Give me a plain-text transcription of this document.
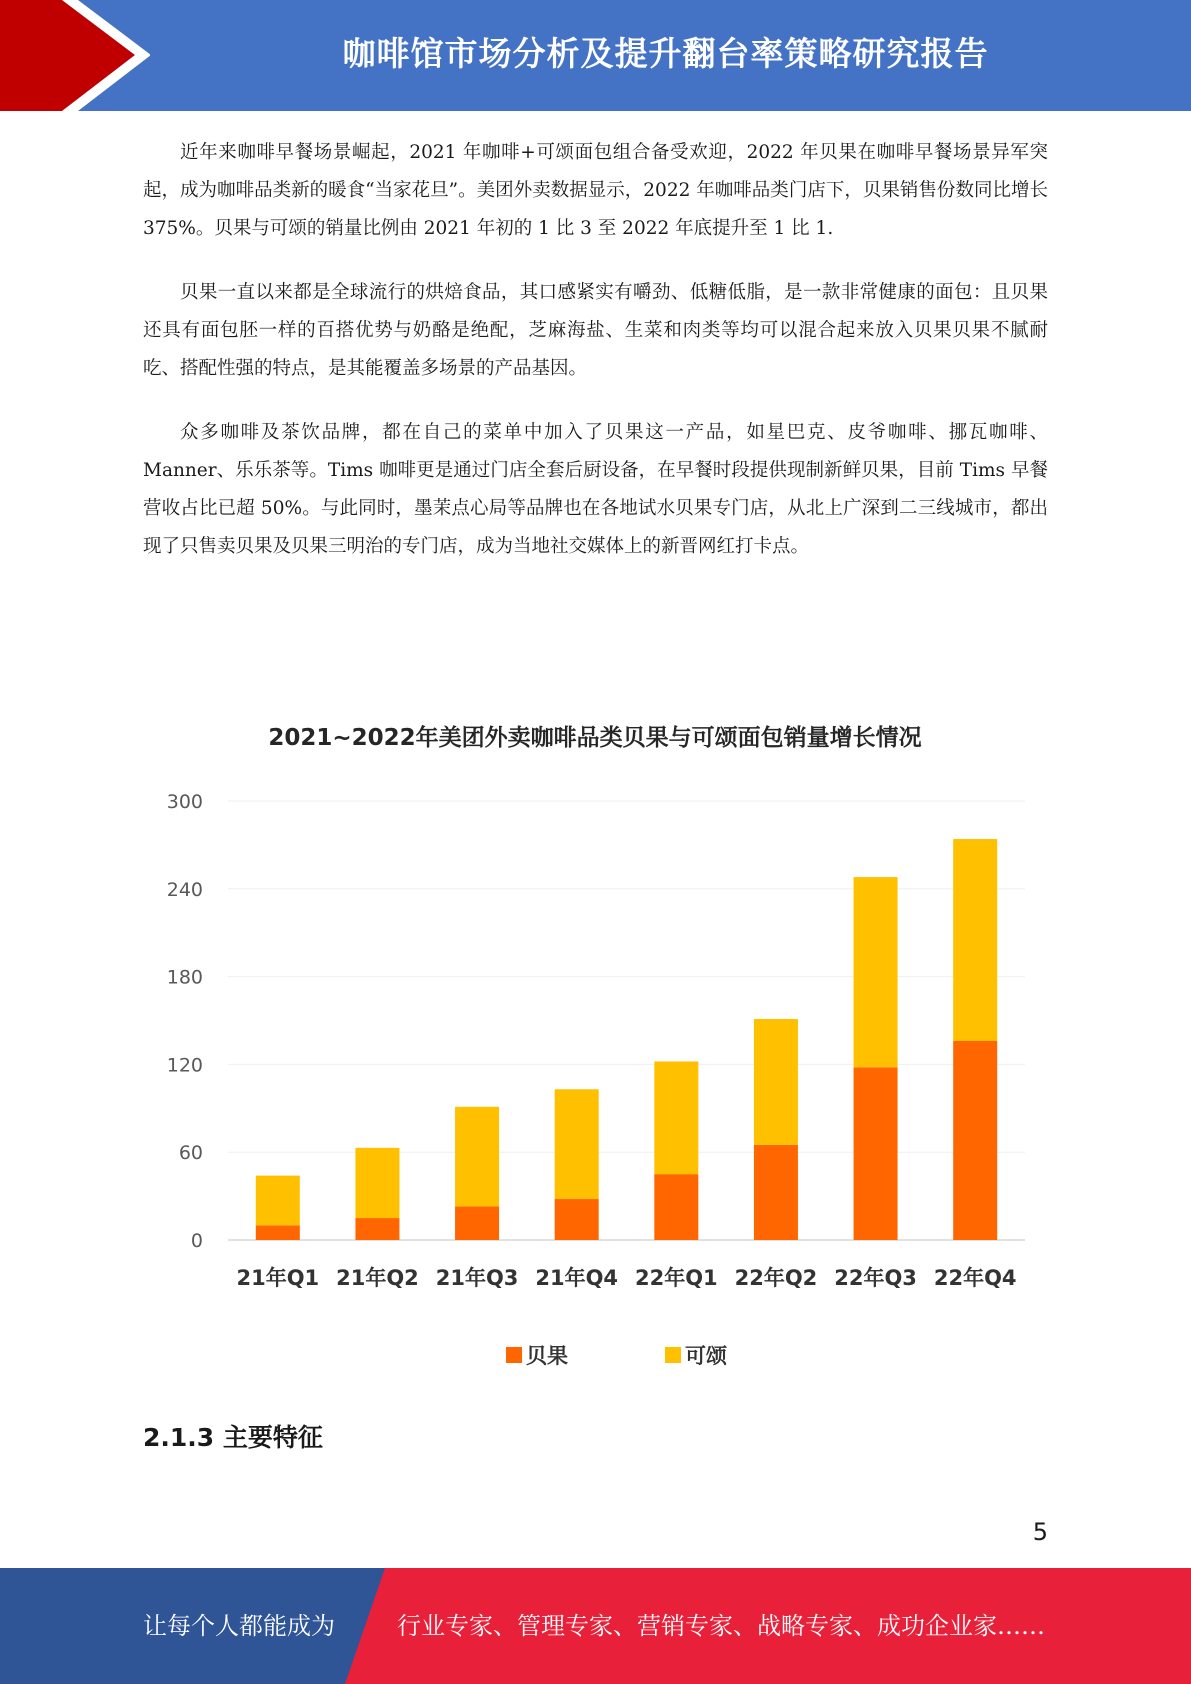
咖啡馆市场分析及提升翻台率策略研究报告

近年来咖啡早餐场景崛起，2021 年咖啡+可颂面包组合备受欢迎，2022 年贝果在咖啡早餐场景异军突起，成为咖啡品类新的暖食“当家花旦”。美团外卖数据显示，2022 年咖啡品类门店下，贝果销售份数同比增长 375%。贝果与可颂的销量比例由 2021 年初的 1 比 3 至 2022 年底提升至 1 比 1.

贝果一直以来都是全球流行的烘焙食品，其口感紧实有嚼劲、低糖低脂，是一款非常健康的面包：且贝果还具有面包胚一样的百搭优势与奶酪是绝配，芝麻海盐、生菜和肉类等均可以混合起来放入贝果贝果不腻耐吃、搭配性强的特点，是其能覆盖多场景的产品基因。

众多咖啡及茶饮品牌，都在自己的菜单中加入了贝果这一产品，如星巴克、皮爷咖啡、挪瓦咖啡、Manner、乐乐茶等。Tims 咖啡更是通过门店全套后厨设备，在早餐时段提供现制新鲜贝果，目前 Tims 早餐营收占比已超 50%。与此同时，墨茉点心局等品牌也在各地试水贝果专门店，从北上广深到二三线城市，都出现了只售卖贝果及贝果三明治的专门店，成为当地社交媒体上的新晋网红打卡点。

2021~2022年美团外卖咖啡品类贝果与可颂面包销量增长情况
0
60
120
180
240
300
21年Q1 21年Q2 21年Q3 21年Q4 22年Q1 22年Q2 22年Q3 22年Q4
贝果	可颂
2.1.3 主要特征
5
让每个人都能成为	行业专家、管理专家、营销专家、战略专家、成功企业家……
